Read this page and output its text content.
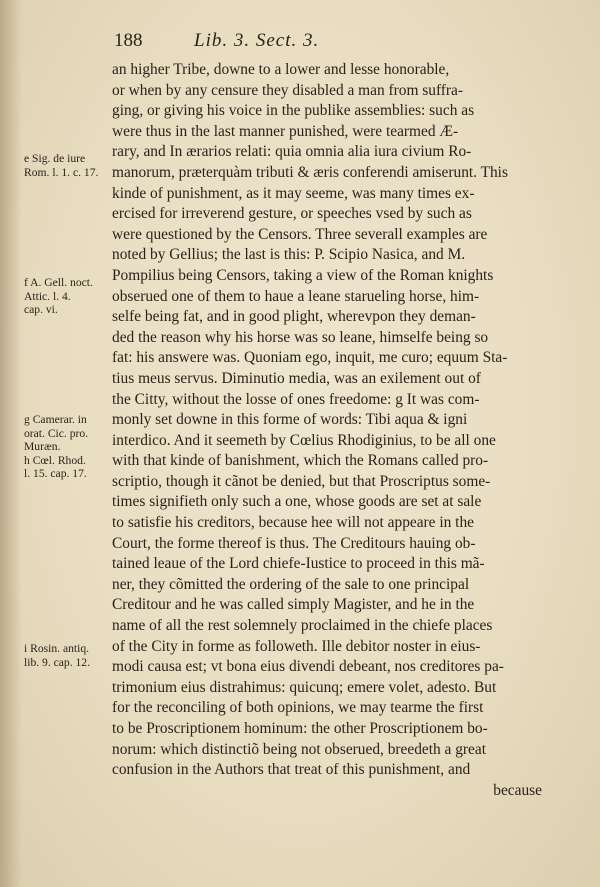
188	Lib. 3. Sect. 3.
an higher Tribe, downe to a lower and lesse honorable,
or when by any censure they disabled a man from suffra-
ging, or giving his voice in the publike assemblies: such as
were thus in the last manner punished, were tearmed Æ-
rary, and In ærarios relati: quia omnia alia iura civium Ro-
manorum, præterquàm tributi & æris conferendi amiserunt. This
kinde of punishment, as it may seeme, was many times ex-
ercised for irreverend gesture, or speeches vsed by such as
were questioned by the Censors. Three severall examples are
noted by Gellius; the last is this: P. Scipio Nasica, and M.
Pompilius being Censors, taking a view of the Roman knights
obserued one of them to haue a leane starueling horse, him-
selfe being fat, and in good plight, wherevpon they deman-
ded the reason why his horse was so leane, himselfe being so
fat: his answere was. Quoniam ego, inquit, me curo; equum Sta-
tius meus servus. Diminutio media, was an exilement out of
the Citty, without the losse of ones freedome: g It was com-
monly set downe in this forme of words: Tibi aqua & igni
interdico. And it seemeth by Cœlius Rhodiginius, to be all one
with that kinde of banishment, which the Romans called pro-
scriptio, though it cãnot be denied, but that Proscriptus some-
times signifieth only such a one, whose goods are set at sale
to satisfie his creditors, because hee will not appeare in the
Court, the forme thereof is thus. The Creditours hauing ob-
tained leaue of the Lord chiefe-Iustice to proceed in this mã-
ner, they cõmitted the ordering of the sale to one principal
Creditour and he was called simply Magister, and he in the
name of all the rest solemnely proclaimed in the chiefe places
of the City in forme as followeth. Ille debitor noster in eius-
modi causa est; vt bona eius divendi debeant, nos creditores pa-
trimonium eius distrahimus: quicunq; emere volet, adesto. But
for the reconciling of both opinions, we may tearme the first
to be Proscriptionem hominum: the other Proscriptionem bo-
norum: which distinctiõ being not obserued, breedeth a great
confusion in the Authors that treat of this punishment, and
because
e Sig. de iure
Rom. l. 1. c. 17.
f A. Gell. noct.
Attic. l. 4.
cap. vi.
g Camerar. in
orat. Cic. pro.
Muræn.
h Cœl. Rhod.
l. 15. cap. 17.
i Rosin. antiq.
lib. 9. cap. 12.
